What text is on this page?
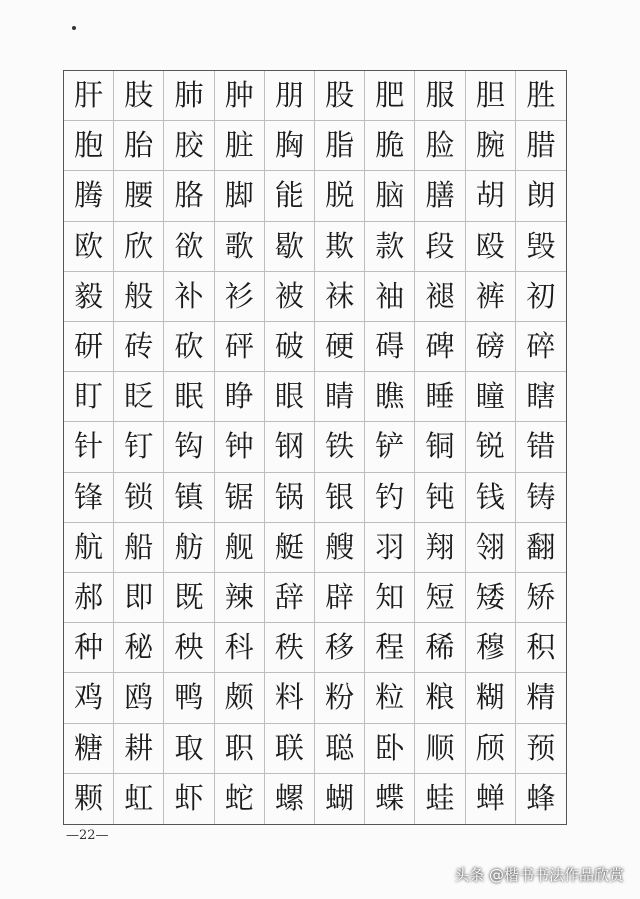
肝 肢 肺 肿 朋 股 肥 服 胆 胜
胞 胎 胶 脏 胸 脂 脆 脸 腕 腊
腾 腰 胳 脚 能 脱 脑 膳 胡 朗
欧 欣 欲 歌 歇 欺 款 段 殴 毁
毅 般 补 衫 被 袜 袖 褪 裤 初
研 砖 砍 砰 破 硬 碍 碑 磅 碎
盯 眨 眠 睁 眼 睛 瞧 睡 瞳 瞎
针 钉 钩 钟 钢 铁 铲 铜 锐 错
锋 锁 镇 锯 锅 银 钓 钝 钱 铸
航 船 舫 舰 艇 艘 羽 翔 翎 翻
郝 即 既 辣 辞 辟 知 短 矮 矫
种 秘 秧 科 秩 移 程 稀 穆 积
鸡 鸥 鸭 颇 料 粉 粒 粮 糊 精
糖 耕 取 职 联 聪 卧 顺 颀 预
颗 虹 虾 蛇 螺 蝴 蝶 蛙 蝉 蜂
—22—
头条 @楷书书法作品欣赏
